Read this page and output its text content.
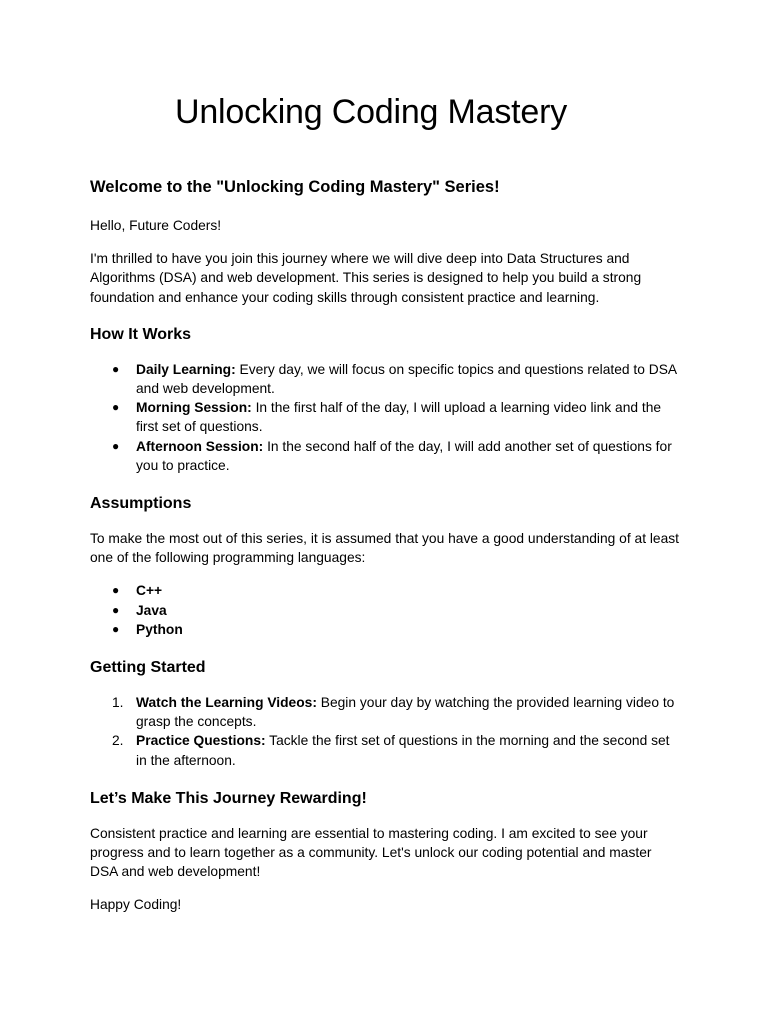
Unlocking Coding Mastery
Welcome to the "Unlocking Coding Mastery" Series!

Hello, Future Coders!

I'm thrilled to have you join this journey where we will dive deep into Data Structures and Algorithms (DSA) and web development. This series is designed to help you build a strong foundation and enhance your coding skills through consistent practice and learning.

How It Works
● Daily Learning: Every day, we will focus on specific topics and questions related to DSA and web development.
● Morning Session: In the first half of the day, I will upload a learning video link and the first set of questions.
● Afternoon Session: In the second half of the day, I will add another set of questions for you to practice.
Assumptions

To make the most out of this series, it is assumed that you have a good understanding of at least one of the following programming languages:

● C++
● Java
● Python
Getting Started
1. Watch the Learning Videos: Begin your day by watching the provided learning video to grasp the concepts.
2. Practice Questions: Tackle the first set of questions in the morning and the second set in the afternoon.
Let’s Make This Journey Rewarding!

Consistent practice and learning are essential to mastering coding. I am excited to see your progress and to learn together as a community. Let's unlock our coding potential and master DSA and web development!

Happy Coding!
